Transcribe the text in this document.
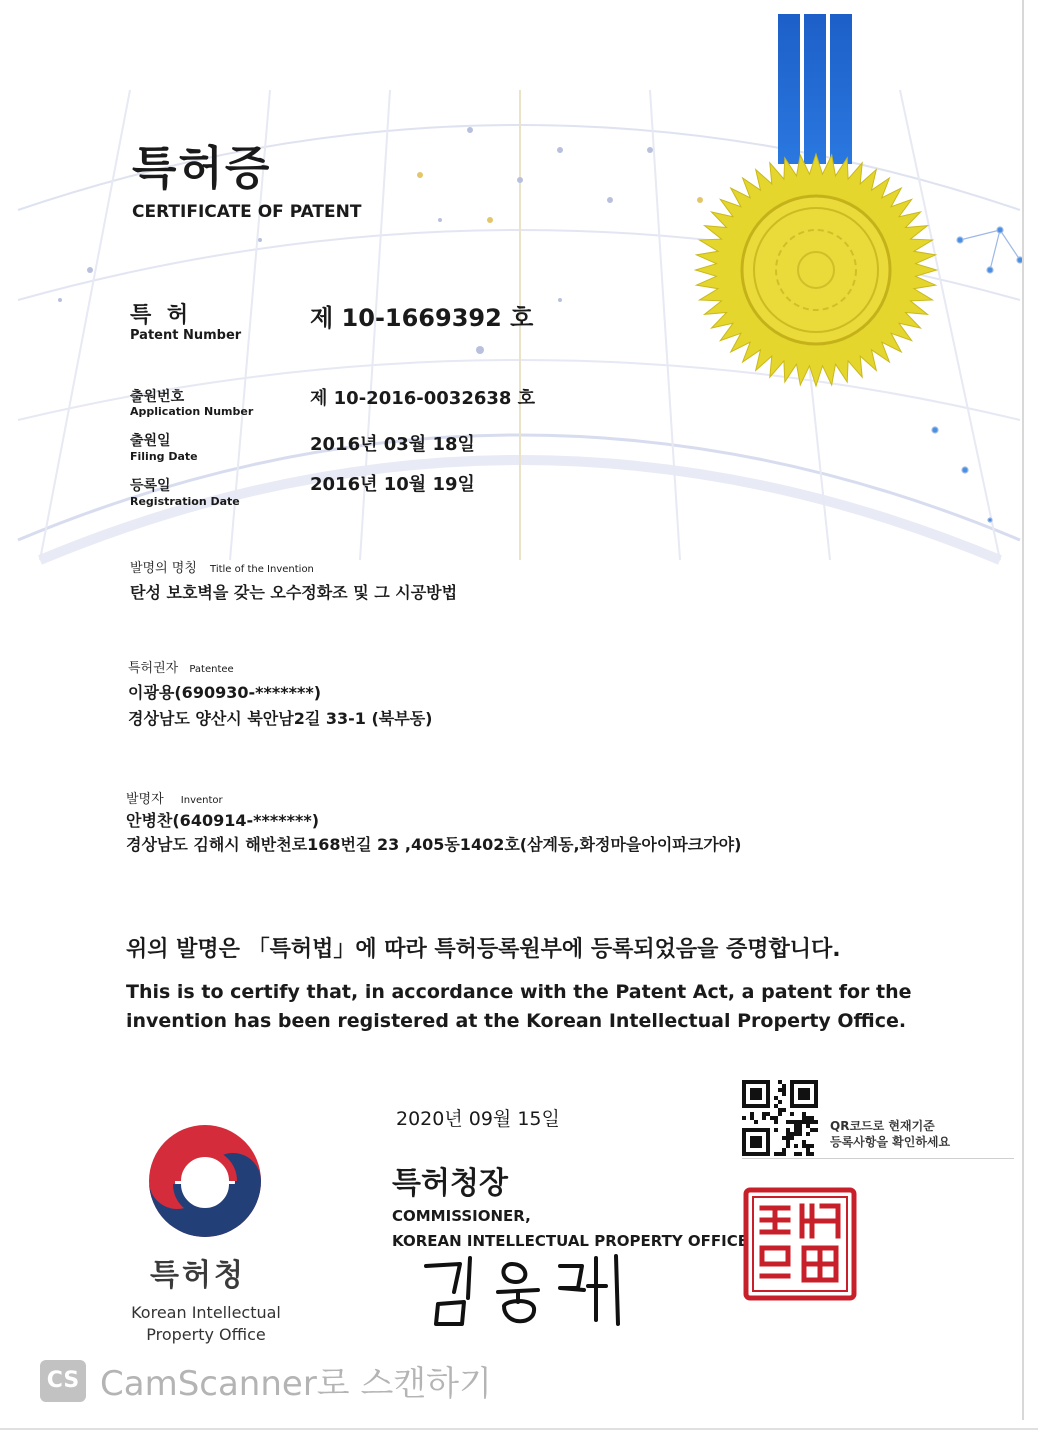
특허증
CERTIFICATE OF PATENT
특 허
Patent Number
제 10-1669392 호
출원번호
Application Number
제 10-2016-0032638 호
출원일
Filing Date
2016년 03월 18일
등록일
Registration Date
2016년 10월 19일
발명의 명칭 Title of the Invention
탄성 보호벽을 갖는 오수정화조 및 그 시공방법
특허권자 Patentee
이광용(690930-*******)
경상남도 양산시 북안남2길 33-1 (북부동)
발명자 Inventor
안병찬(640914-*******)
경상남도 김해시 해반천로168번길 23 ,405동1402호(삼계동,화정마을아이파크가야)
위의 발명은 「특허법」에 따라 특허등록원부에 등록되었음을 증명합니다.
This is to certify that, in accordance with the Patent Act, a patent for the invention has been registered at the Korean Intellectual Property Office.
QR코드로 현재기준
등록사항을 확인하세요
2020년 09월 15일
특허청장
COMMISSIONER,
KOREAN INTELLECTUAL PROPERTY OFFICE
특허청
Korean Intellectual Property Office
CS CamScanner로 스캔하기
